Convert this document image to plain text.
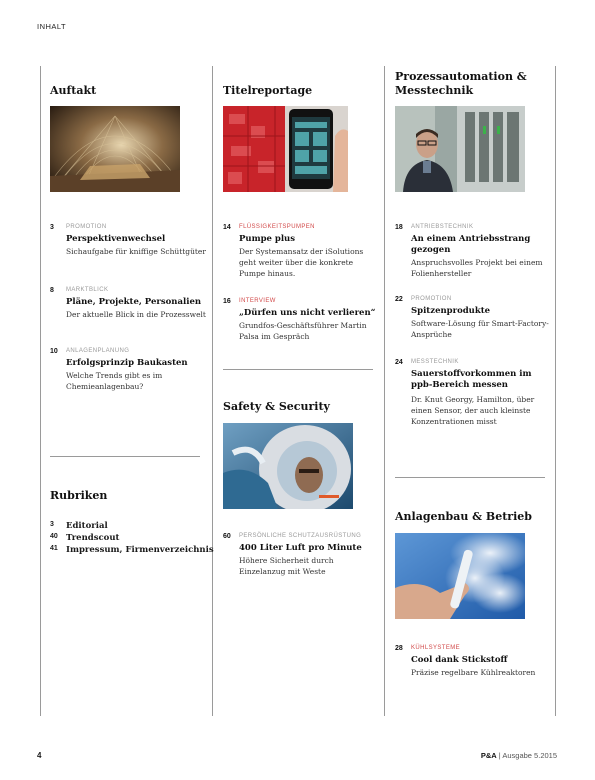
INHALT
Auftakt
3 PROMOTION
Perspektivenwechsel
Sichaufgabe für kniffige Schüttgüter
8 MARKTBLICK
Pläne, Projekte, Personalien
Der aktuelle Blick in die Prozesswelt
10 ANLAGENPLANUNG
Erfolgsprinzip Baukasten
Welche Trends gibt es im Chemieanlagenbau?
Rubriken
3 Editorial
40 Trendscout
41 Impressum, Firmenverzeichnis
Titelreportage
14 FLÜSSIGKEITSPUMPEN
Pumpe plus
Der Systemansatz der iSolutions geht weiter über die konkrete Pumpe hinaus.
16 INTERVIEW
„Dürfen uns nicht verlieren“
Grundfos-Geschäftsführer Martin Palsa im Gespräch
Safety & Security
60 PERSÖNLICHE SCHUTZAUSRÜSTUNG
400 Liter Luft pro Minute
Höhere Sicherheit durch Einzelanzug mit Weste
Prozessautomation &
Messtechnik
18 ANTRIEBSTECHNIK
An einem Antriebsstrang
gezogen
Anspruchsvolles Projekt bei einem Folienhersteller
22 PROMOTION
Spitzenprodukte
Software-Lösung für Smart-Factory-Ansprüche
24 MESSTECHNIK
Sauerstoffvorkommen im
ppb-Bereich messen
Dr. Knut Georgy, Hamilton, über einen Sensor, der auch kleinste Konzentrationen misst
Anlagenbau & Betrieb
28 KÜHLSYSTEME
Cool dank Stickstoff
Präzise regelbare Kühlreaktoren
4	P&A | Ausgabe 5.2015
